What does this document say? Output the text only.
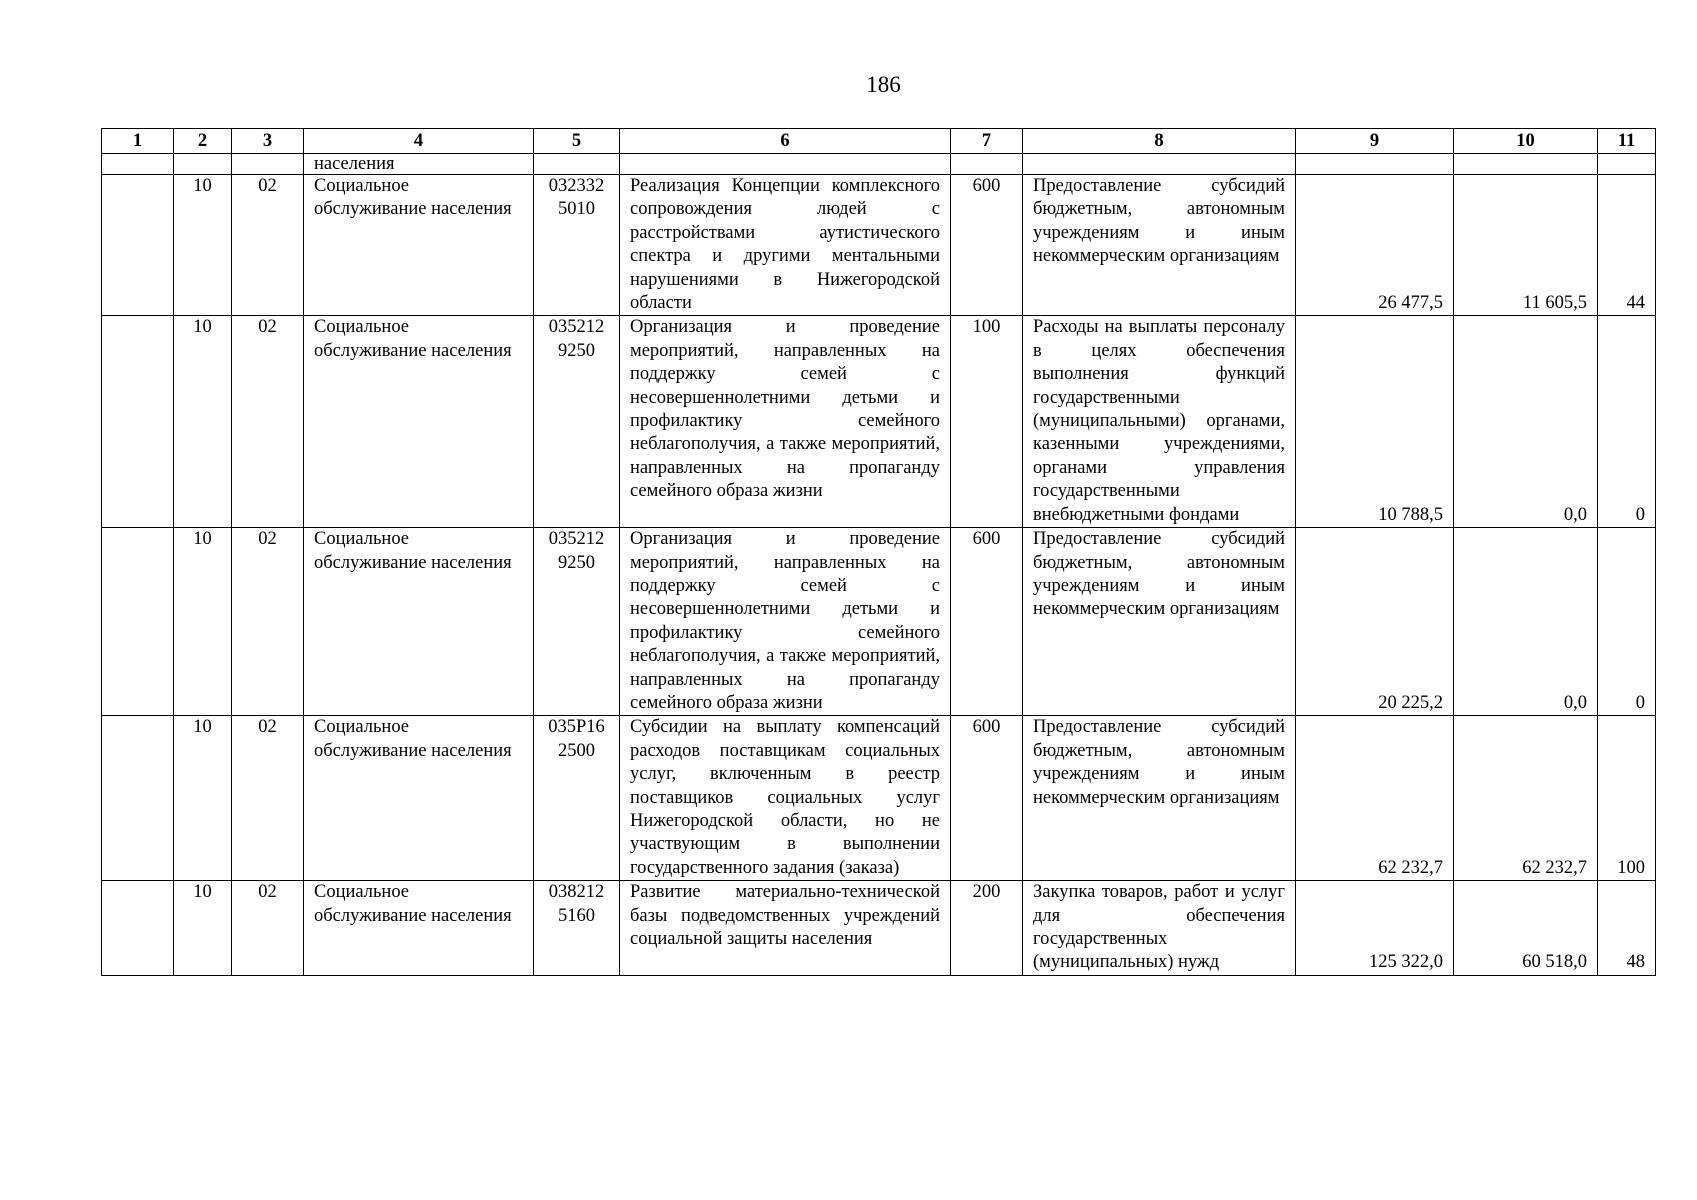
186
1	2	3	4	5	6	7	8	9	10	11
			населения							
	10	02	Социальное обслуживание населения	032332 5010	Реализация Концепции комплексного сопровождения людей с расстройствами аутистического спектра и другими ментальными нарушениями в Нижегородской области	600	Предоставление субсидий бюджетным, автономным учреждениям и иным некоммерческим организациям	26 477,5	11 605,5	44
	10	02	Социальное обслуживание населения	035212 9250	Организация и проведение мероприятий, направленных на поддержку семей с несовершеннолетними детьми и профилактику семейного неблагополучия, а также мероприятий, направленных на пропаганду семейного образа жизни	100	Расходы на выплаты персоналу в целях обеспечения выполнения функций государственными (муниципальными) органами, казенными учреждениями, органами управления государственными внебюджетными фондами	10 788,5	0,0	0
	10	02	Социальное обслуживание населения	035212 9250	Организация и проведение мероприятий, направленных на поддержку семей с несовершеннолетними детьми и профилактику семейного неблагополучия, а также мероприятий, направленных на пропаганду семейного образа жизни	600	Предоставление субсидий бюджетным, автономным учреждениям и иным некоммерческим организациям	20 225,2	0,0	0
	10	02	Социальное обслуживание населения	035P16 2500	Субсидии на выплату компенсаций расходов поставщикам социальных услуг, включенным в реестр поставщиков социальных услуг Нижегородской области, но не участвующим в выполнении государственного задания (заказа)	600	Предоставление субсидий бюджетным, автономным учреждениям и иным некоммерческим организациям	62 232,7	62 232,7	100
	10	02	Социальное обслуживание населения	038212 5160	Развитие материально-технической базы подведомственных учреждений социальной защиты населения	200	Закупка товаров, работ и услуг для обеспечения государственных (муниципальных) нужд	125 322,0	60 518,0	48
